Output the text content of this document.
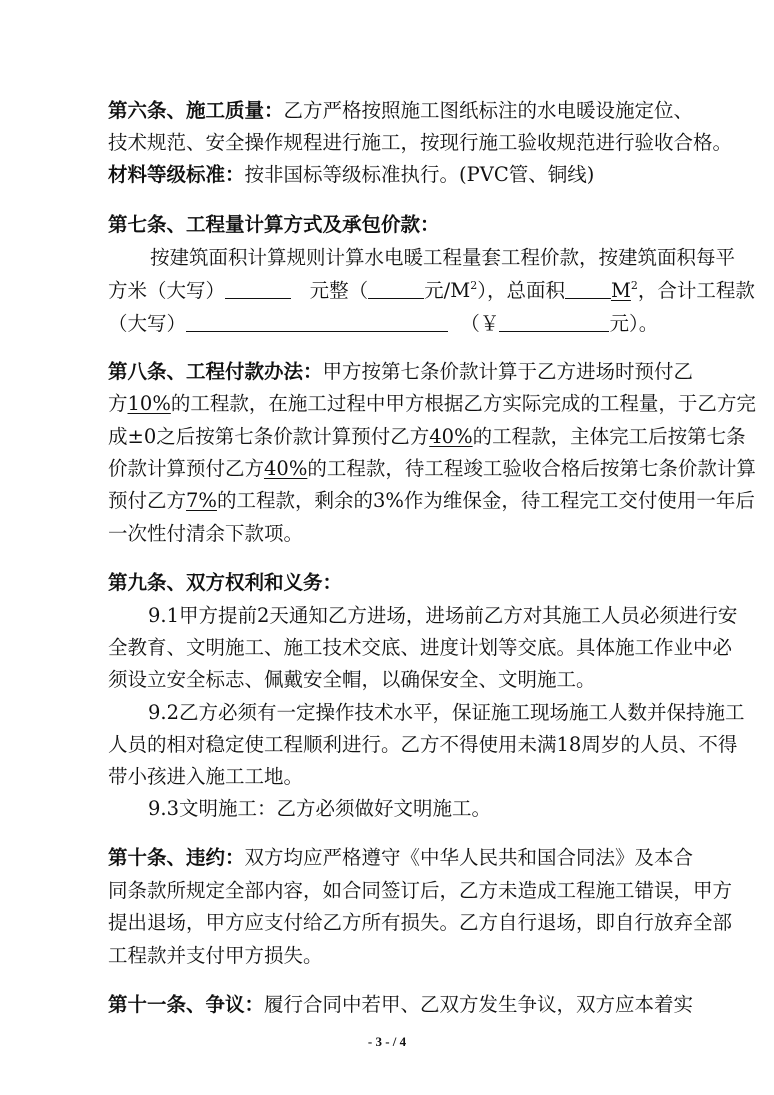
第六条、施工质量：乙方严格按照施工图纸标注的水电暖设施定位、
技术规范、安全操作规程进行施工，按现行施工验收规范进行验收合格。
材料等级标准：按非国标等级标准执行。(PVC管、铜线)
第七条、工程量计算方式及承包价款：
按建筑面积计算规则计算水电暖工程量套工程价款，按建筑面积每平
方米（大写）	元整（	元$/M^2$），总面积 $M^2$，合计工程款
（大写）	（￥	元）。
第八条、工程付款办法：甲方按第七条价款计算于乙方进场时预付乙
方10%的工程款，在施工过程中甲方根据乙方实际完成的工程量，于乙方完
成±0之后按第七条价款计算预付乙方40%的工程款，主体完工后按第七条
价款计算预付乙方40%的工程款，待工程竣工验收合格后按第七条价款计算
预付乙方7%的工程款，剩余的3%作为维保金，待工程完工交付使用一年后
一次性付清余下款项。
第九条、双方权利和义务：
9.1甲方提前2天通知乙方进场，进场前乙方对其施工人员必须进行安
全教育、文明施工、施工技术交底、进度计划等交底。具体施工作业中必
须设立安全标志、佩戴安全帽，以确保安全、文明施工。
9.2乙方必须有一定操作技术水平，保证施工现场施工人数并保持施工
人员的相对稳定使工程顺利进行。乙方不得使用未满18周岁的人员、不得
带小孩进入施工工地。
9.3文明施工：乙方必须做好文明施工。
第十条、违约：双方均应严格遵守《中华人民共和国合同法》及本合
同条款所规定全部内容，如合同签订后，乙方未造成工程施工错误，甲方
提出退场，甲方应支付给乙方所有损失。乙方自行退场，即自行放弃全部
工程款并支付甲方损失。
第十一条、争议：履行合同中若甲、乙双方发生争议，双方应本着实
- 3 - / 4
